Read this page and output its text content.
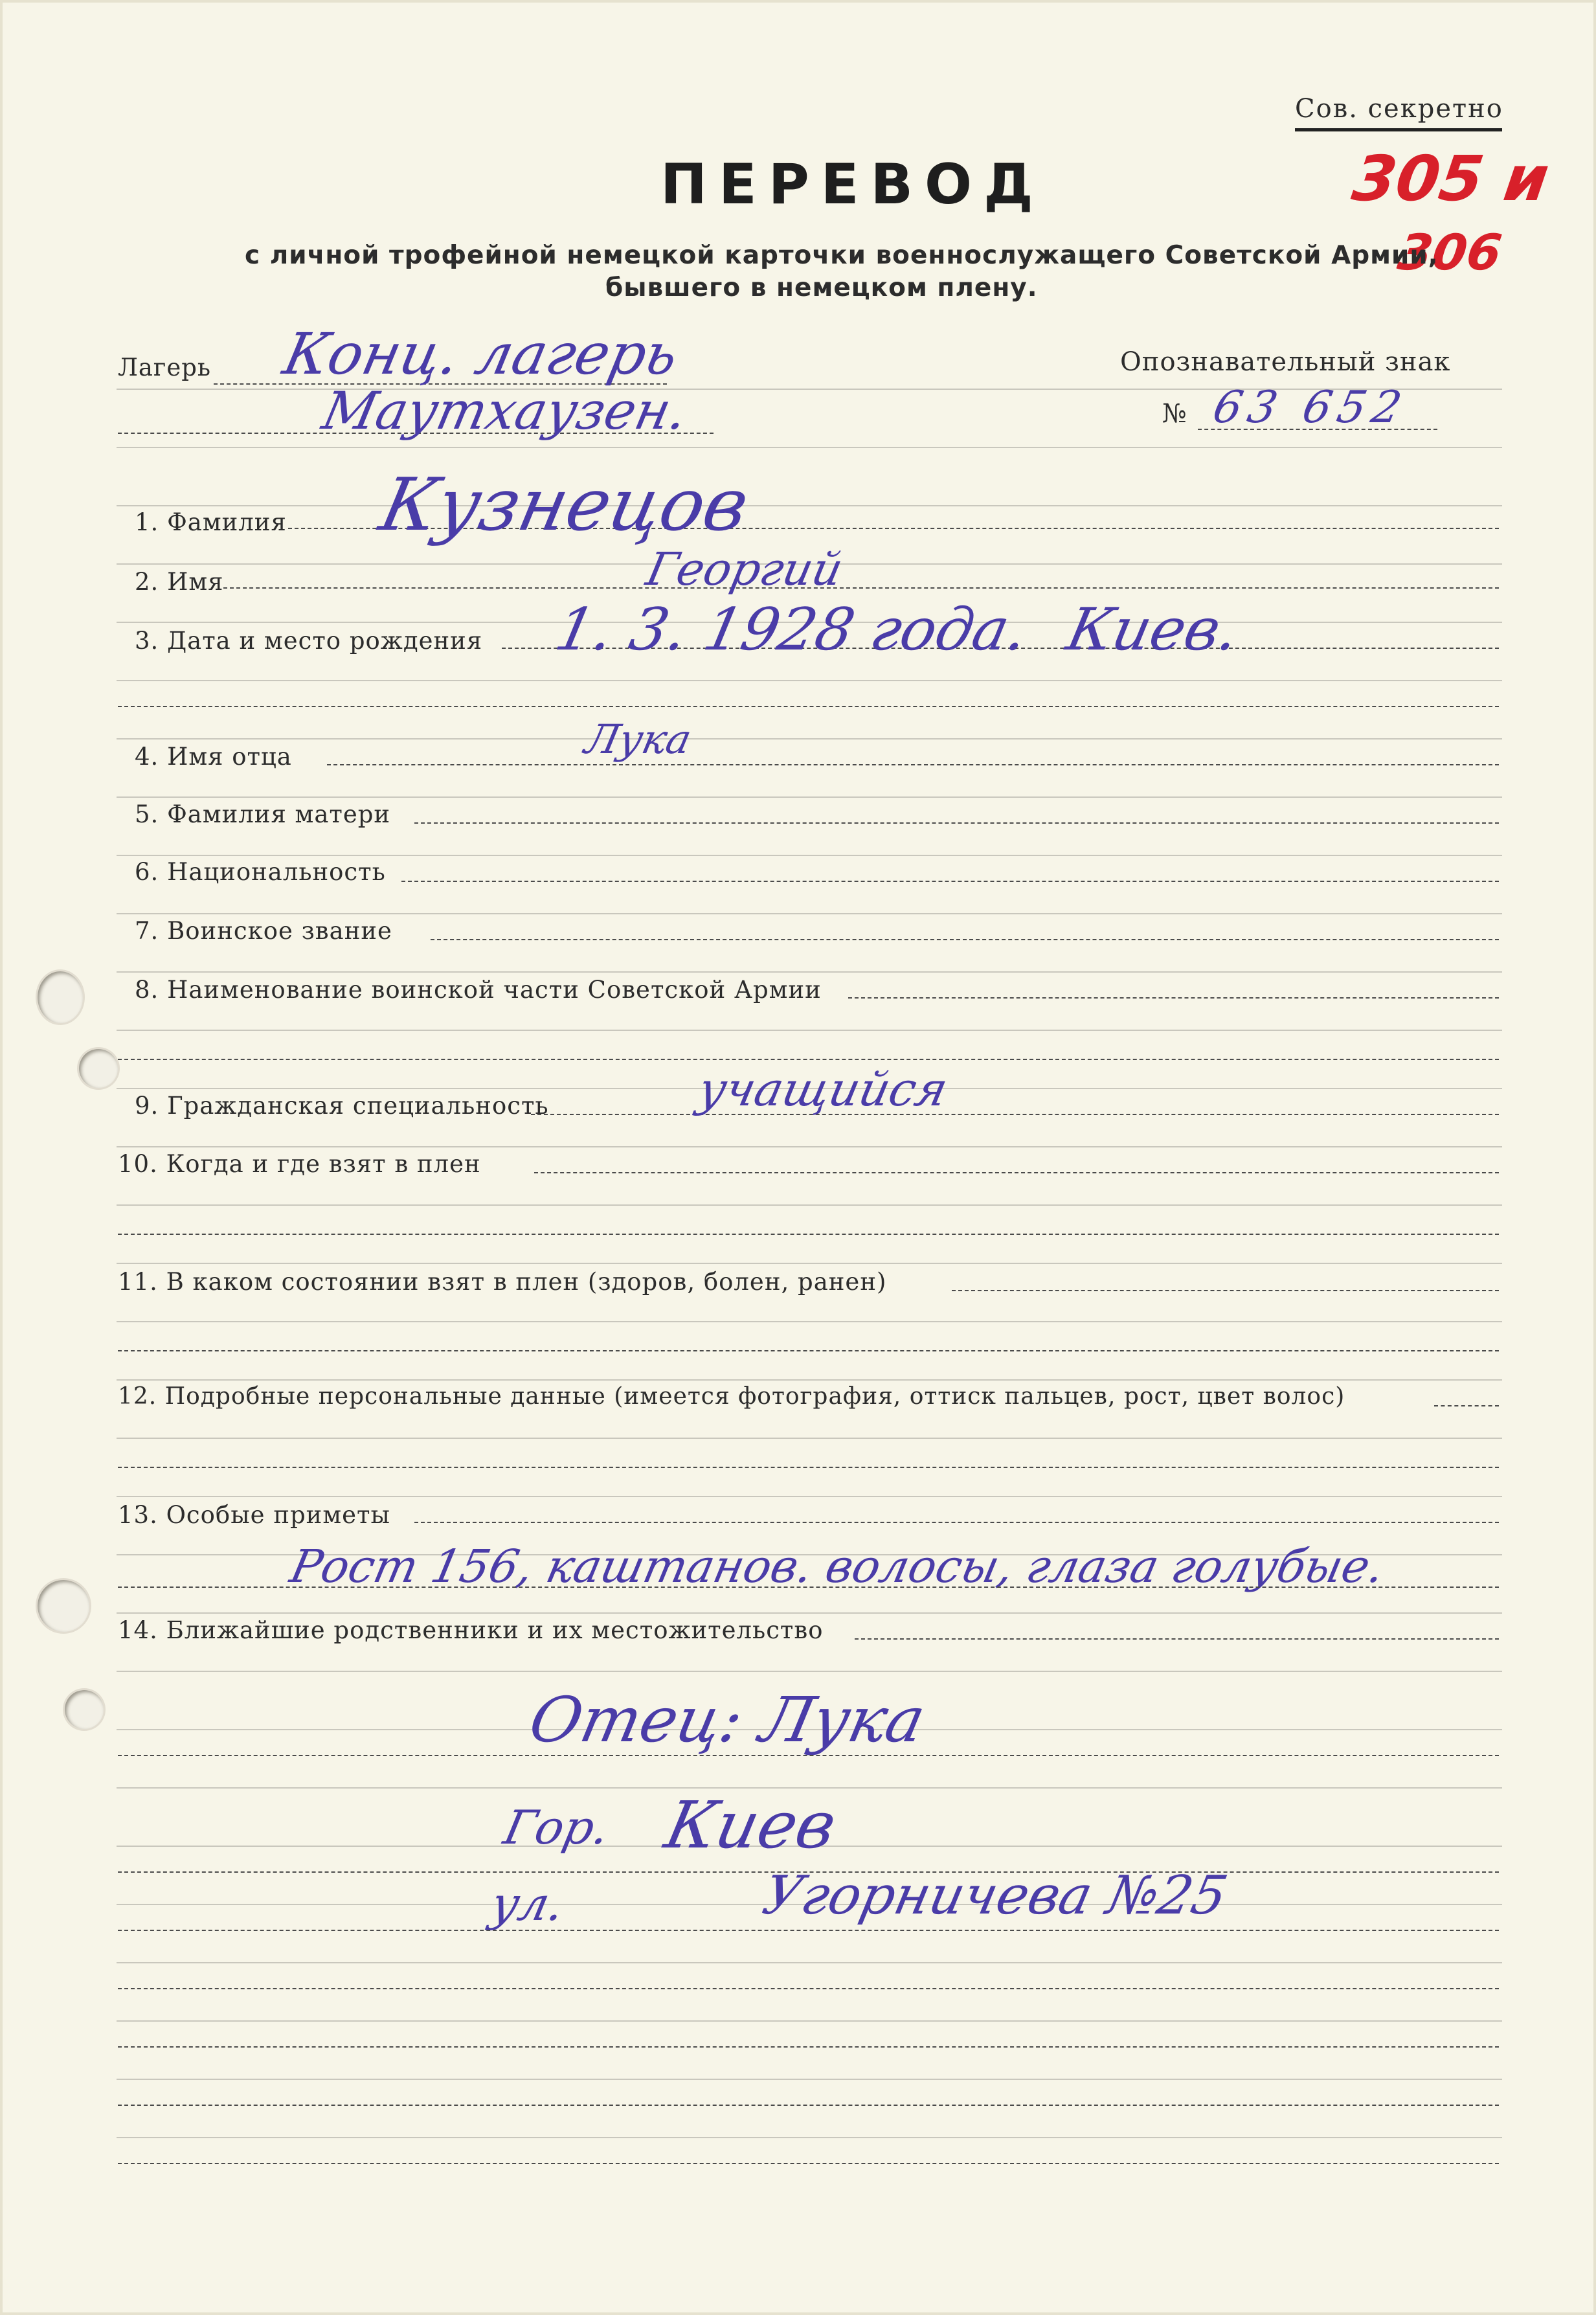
Сов. секретно
305 и
306
ПЕРЕВОД
с личной трофейной немецкой карточки военнослужащего Советской Армии,
бывшего в немецком плену.
Лагерь Конц. лагерь
Маутхаузен.
Опознавательный знак
№ 63 652
1. Фамилия Кузнецов
2. Имя	Георгий
3. Дата и место рождения 1. 3. 1928 года. Киев.
4. Имя отца	Лука
5. Фамилия матери
6. Национальность
7. Воинское звание
8. Наименование воинской части Советской Армии
9. Гражданская специальность	учащийся
10. Когда и где взят в плен
11. В каком состоянии взят в плен (здоров, болен, ранен)
12. Подробные персональные данные (имеется фотография, оттиск пальцев, рост, цвет волос)
13. Особые приметы
Рост 156, каштанов. волосы, глаза голубые.
14. Ближайшие родственники и их местожительство
Отец: Лука
Гор. Киев
ул.	Угорничева №25
